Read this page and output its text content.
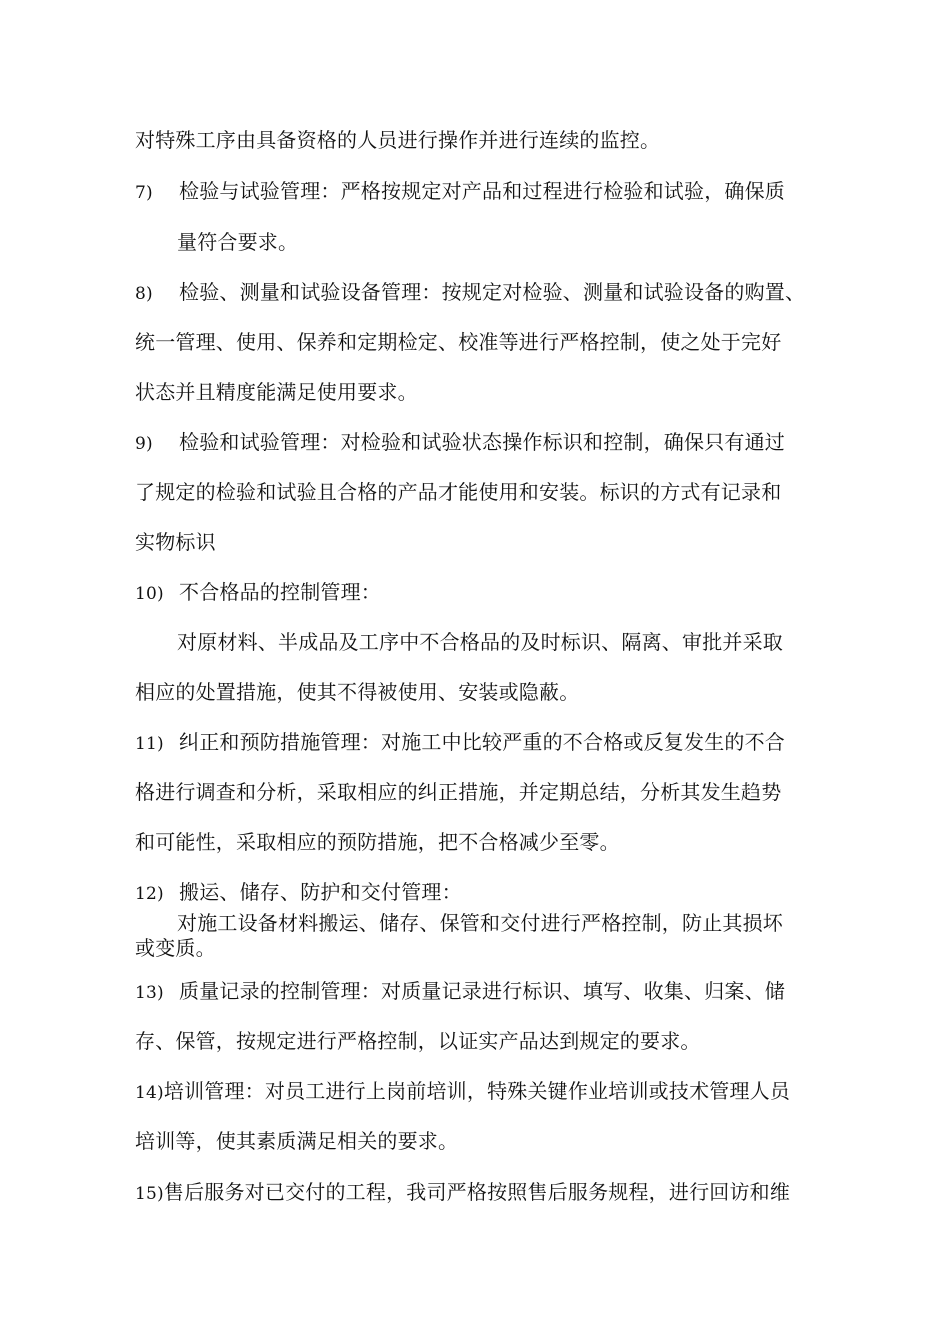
对特殊工序由具备资格的人员进行操作并进行连续的监控。
7) 检验与试验管理：严格按规定对产品和过程进行检验和试验，确保质
量符合要求。
8) 检验、测量和试验设备管理：按规定对检验、测量和试验设备的购置、
统一管理、使用、保养和定期检定、校准等进行严格控制，使之处于完好
状态并且精度能满足使用要求。
9) 检验和试验管理：对检验和试验状态操作标识和控制，确保只有通过
了规定的检验和试验且合格的产品才能使用和安装。标识的方式有记录和
实物标识
10) 不合格品的控制管理：
对原材料、半成品及工序中不合格品的及时标识、隔离、审批并采取
相应的处置措施，使其不得被使用、安装或隐蔽。
11) 纠正和预防措施管理：对施工中比较严重的不合格或反复发生的不合
格进行调查和分析，采取相应的纠正措施，并定期总结，分析其发生趋势
和可能性，采取相应的预防措施，把不合格减少至零。
12) 搬运、储存、防护和交付管理：
对施工设备材料搬运、储存、保管和交付进行严格控制，防止其损坏
或变质。
13) 质量记录的控制管理：对质量记录进行标识、填写、收集、归案、储
存、保管，按规定进行严格控制，以证实产品达到规定的要求。
14)培训管理：对员工进行上岗前培训，特殊关键作业培训或技术管理人员
培训等，使其素质满足相关的要求。
15)售后服务对已交付的工程，我司严格按照售后服务规程，进行回访和维
